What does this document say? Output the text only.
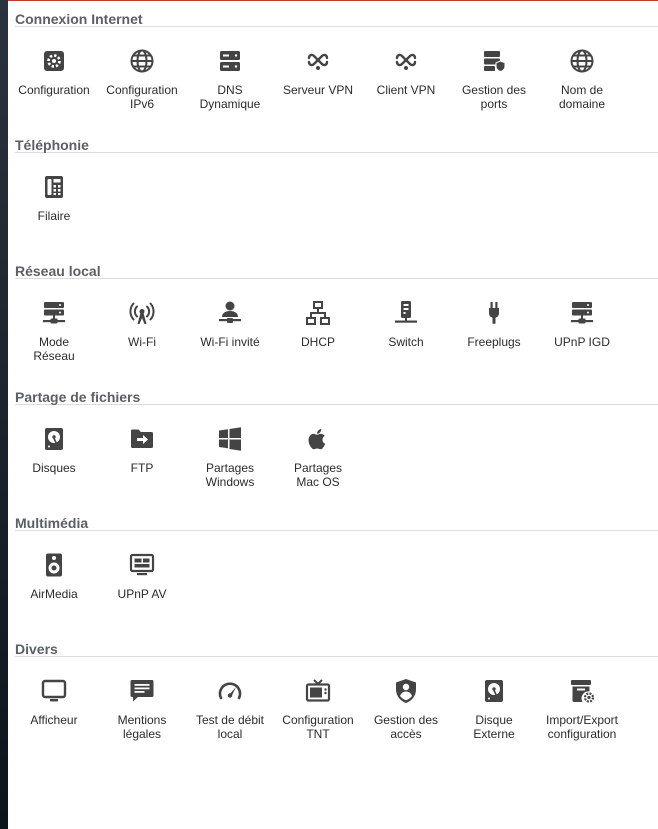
Connexion Internet
Configuration	Configuration
IPv6
DNS
Dynamique
Serveur VPN	Client VPN	Gestion des
ports
Nom de
domaine
Téléphonie
Filaire
Réseau local
Mode
Réseau
Wi-Fi	Wi-Fi invité	DHCP	Switch	Freeplugs	UPnP IGD
Partage de fichiers
Disques	FTP	Partages
Windows
Partages
Mac OS
Multimédia
AirMedia	UPnP AV
Divers
Afficheur	Mentions
légales
Test de débit
local
Configuration
TNT
Gestion des
accès
Disque
Externe
Import/Export
configuration
